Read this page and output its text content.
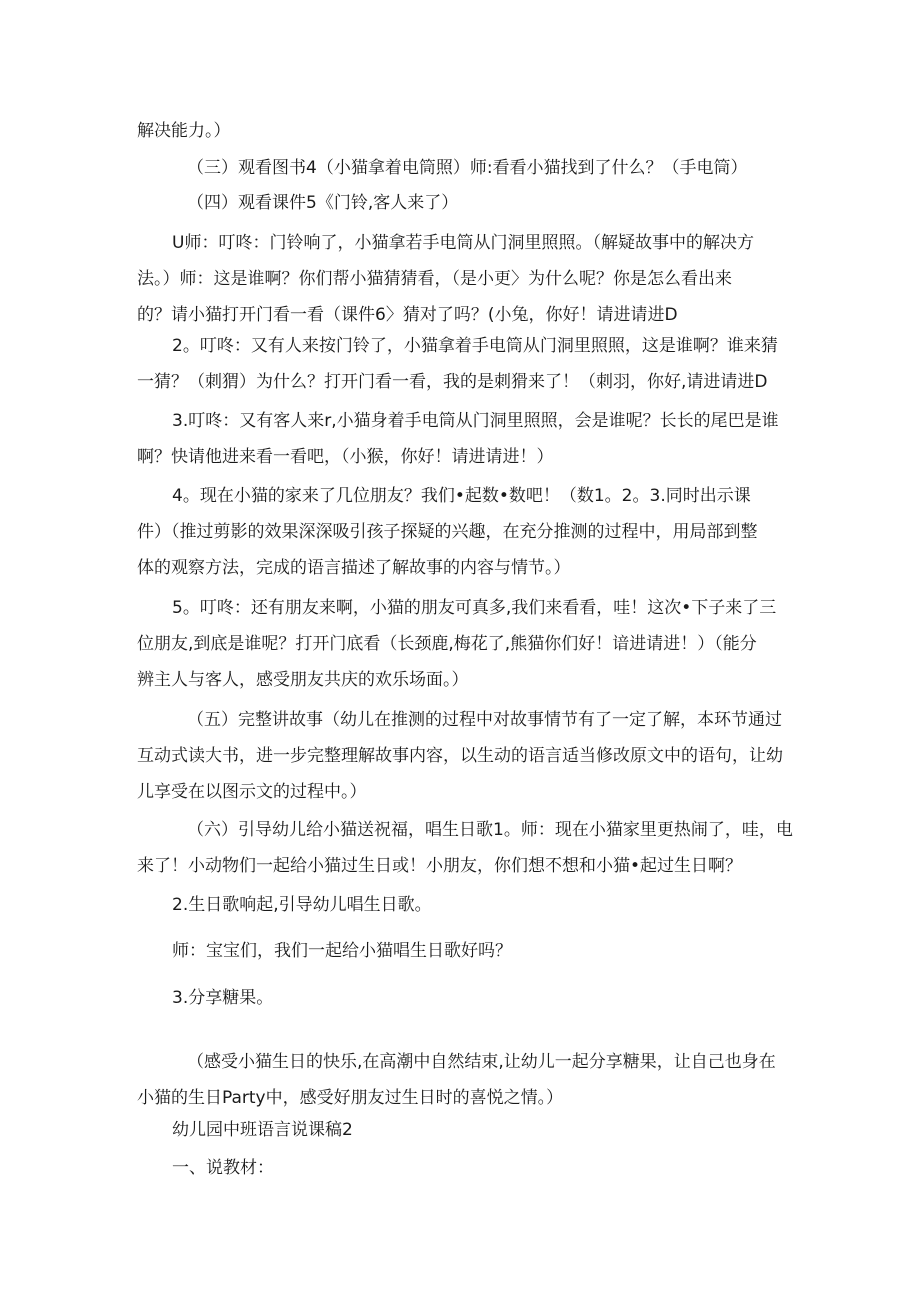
解决能力。）

（三）观看图书4（小猫拿着电筒照）师:看看小猫找到了什么？（手电筒）

（四）观看课件5《门铃,客人来了）

U师：叮咚：门铃响了，小猫拿若手电筒从门洞里照照。（解疑故事中的解决方
法。）师：这是谁啊？你们帮小猫猜猜看，（是小更〉为什么呢？你是怎么看出来
的？请小猫打开门看一看（课件6〉猜对了吗？(小兔，你好！请进请进D

2。叮咚：又有人来按门铃了，小猫拿着手电筒从门洞里照照，这是谁啊？谁来猜
一猜？（刺猬）为什么？打开门看一看，我的是刺猾来了！（刺羽，你好,请进请进D

3.叮咚：又有客人来r,小猫身着手电筒从门洞里照照，会是谁呢？长长的尾巴是谁
啊？快请他进来看一看吧，（小猴，你好！请进请进！）

4。现在小猫的家来了几位朋友？我们•起数•数吧！（数1。2。3.同时出示课
件）（推过剪影的效果深深吸引孩子探疑的兴趣，在充分推测的过程中，用局部到整
体的观察方法，完成的语言描述了解故事的内容与情节。）

5。叮咚：还有朋友来啊，小猫的朋友可真多,我们来看看，哇！这次•下子来了三
位朋友,到底是谁呢？打开门底看（长颈鹿,梅花了,熊猫你们好！谙进请进！）（能分
辨主人与客人，感受朋友共庆的欢乐场面。）

（五）完整讲故事（幼儿在推测的过程中对故事情节有了一定了解，本环节通过
互动式读大书，进一步完整理解故事内容，以生动的语言适当修改原文中的语句，让幼
儿享受在以图示文的过程中。）

（六）引导幼儿给小猫送祝福，唱生日歌1。师：现在小猫家里更热闹了，哇，电
来了！小动物们一起给小猫过生日或！小朋友，你们想不想和小猫•起过生日啊？

2.生日歌响起,引导幼儿唱生日歌。

师：宝宝们，我们一起给小猫唱生日歌好吗？

3.分享糖果。

（感受小猫生日的快乐,在高潮中自然结束,让幼儿一起分享糖果，让自己也身在
小猫的生日Party中，感受好朋友过生日时的喜悦之情。）

幼儿园中班语言说课稿2

一、说教材：
